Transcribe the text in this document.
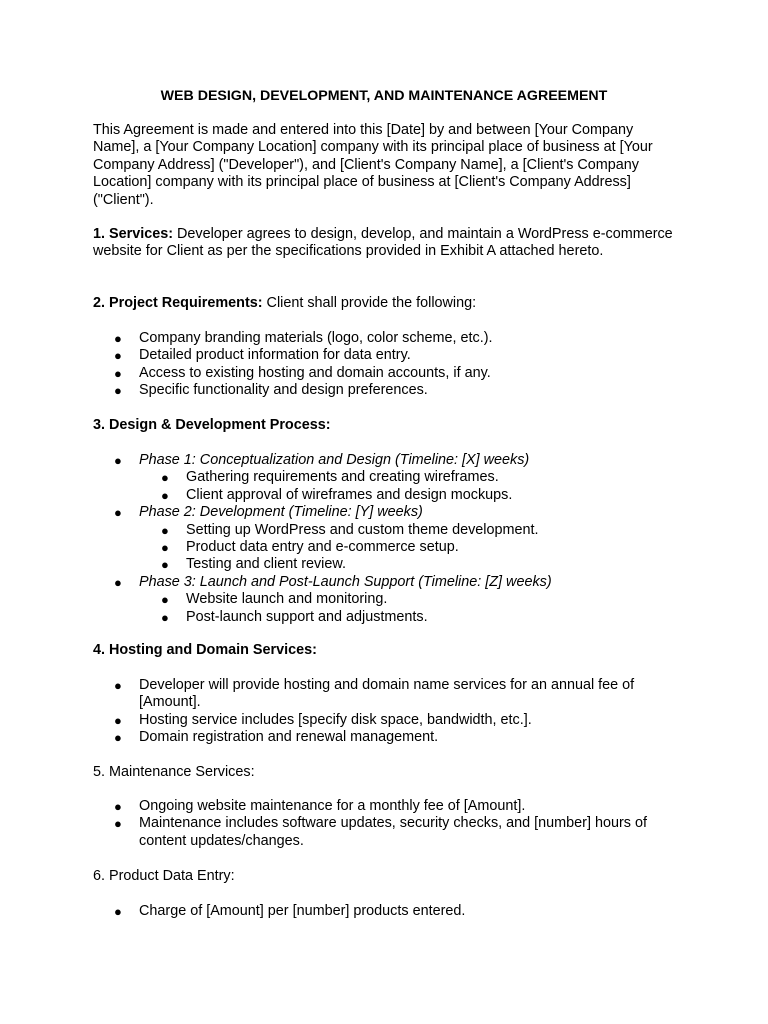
WEB DESIGN, DEVELOPMENT, AND MAINTENANCE AGREEMENT
This Agreement is made and entered into this [Date] by and between [Your Company Name], a [Your Company Location] company with its principal place of business at [Your Company Address] ("Developer"), and [Client's Company Name], a [Client's Company Location] company with its principal place of business at [Client's Company Address] ("Client").
1. Services: Developer agrees to design, develop, and maintain a WordPress e-commerce website for Client as per the specifications provided in Exhibit A attached hereto.
2. Project Requirements: Client shall provide the following:
● Company branding materials (logo, color scheme, etc.).
● Detailed product information for data entry.
● Access to existing hosting and domain accounts, if any.
● Specific functionality and design preferences.
3. Design & Development Process:
● Phase 1: Conceptualization and Design (Timeline: [X] weeks)
● Gathering requirements and creating wireframes.
● Client approval of wireframes and design mockups.
● Phase 2: Development (Timeline: [Y] weeks)
● Setting up WordPress and custom theme development.
● Product data entry and e-commerce setup.
● Testing and client review.
● Phase 3: Launch and Post-Launch Support (Timeline: [Z] weeks)
● Website launch and monitoring.
● Post-launch support and adjustments.
4. Hosting and Domain Services:
● Developer will provide hosting and domain name services for an annual fee of [Amount].
● Hosting service includes [specify disk space, bandwidth, etc.].
● Domain registration and renewal management.
5. Maintenance Services:
● Ongoing website maintenance for a monthly fee of [Amount].
● Maintenance includes software updates, security checks, and [number] hours of content updates/changes.
6. Product Data Entry:
● Charge of [Amount] per [number] products entered.
